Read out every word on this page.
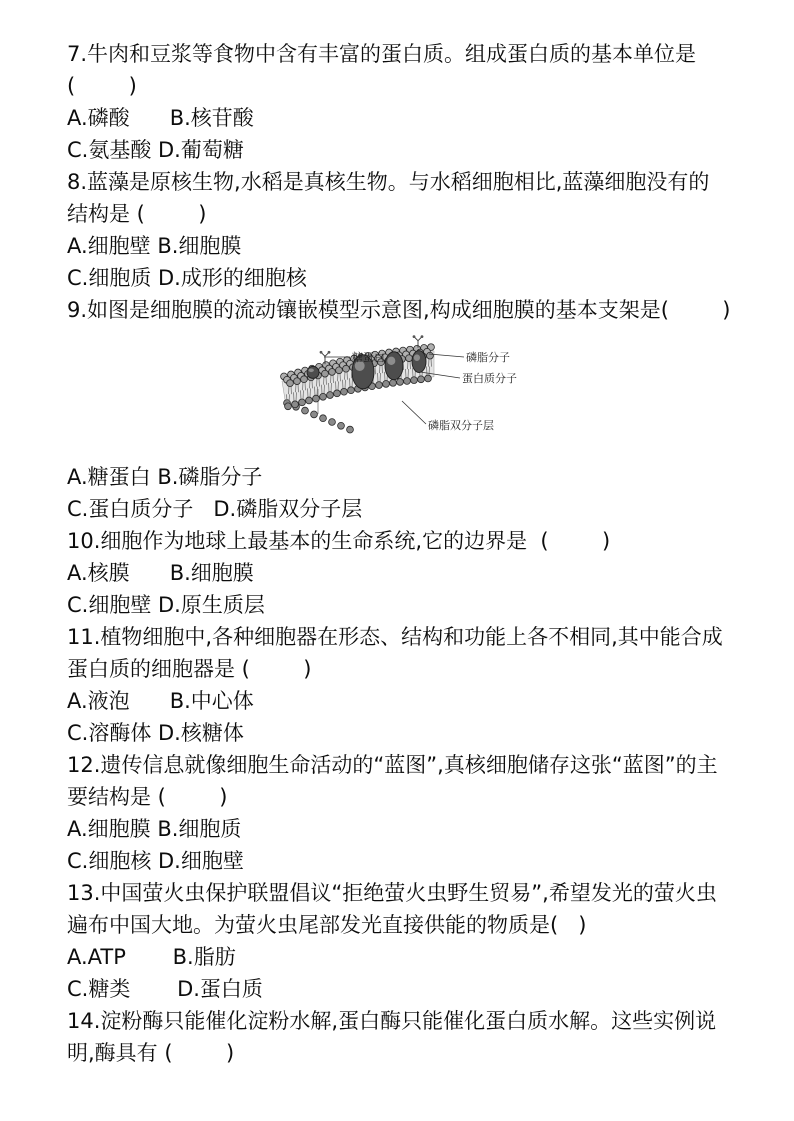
7.牛肉和豆浆等食物中含有丰富的蛋白质。组成蛋白质的基本单位是
(        )
A.磷酸      B.核苷酸
C.氨基酸 D.葡萄糖
8.蓝藻是原核生物,水稻是真核生物。与水稻细胞相比,蓝藻细胞没有的
结构是 (        )
A.细胞壁 B.细胞膜
C.细胞质 D.成形的细胞核
9.如图是细胞膜的流动镶嵌模型示意图,构成细胞膜的基本支架是(        )
糖蛋白	磷脂分子
蛋白质分子
磷脂双分子层
A.糖蛋白 B.磷脂分子
C.蛋白质分子   D.磷脂双分子层
10.细胞作为地球上最基本的生命系统,它的边界是  (        )
A.核膜      B.细胞膜
C.细胞壁 D.原生质层
11.植物细胞中,各种细胞器在形态、结构和功能上各不相同,其中能合成
蛋白质的细胞器是 (        )
A.液泡      B.中心体
C.溶酶体 D.核糖体
12.遗传信息就像细胞生命活动的“蓝图”,真核细胞储存这张“蓝图”的主
要结构是 (        )
A.细胞膜 B.细胞质
C.细胞核 D.细胞壁
13.中国萤火虫保护联盟倡议“拒绝萤火虫野生贸易”,希望发光的萤火虫
遍布中国大地。为萤火虫尾部发光直接供能的物质是(   )
A.ATP       B.脂肪
C.糖类       D.蛋白质
14.淀粉酶只能催化淀粉水解,蛋白酶只能催化蛋白质水解。这些实例说
明,酶具有 (        )
